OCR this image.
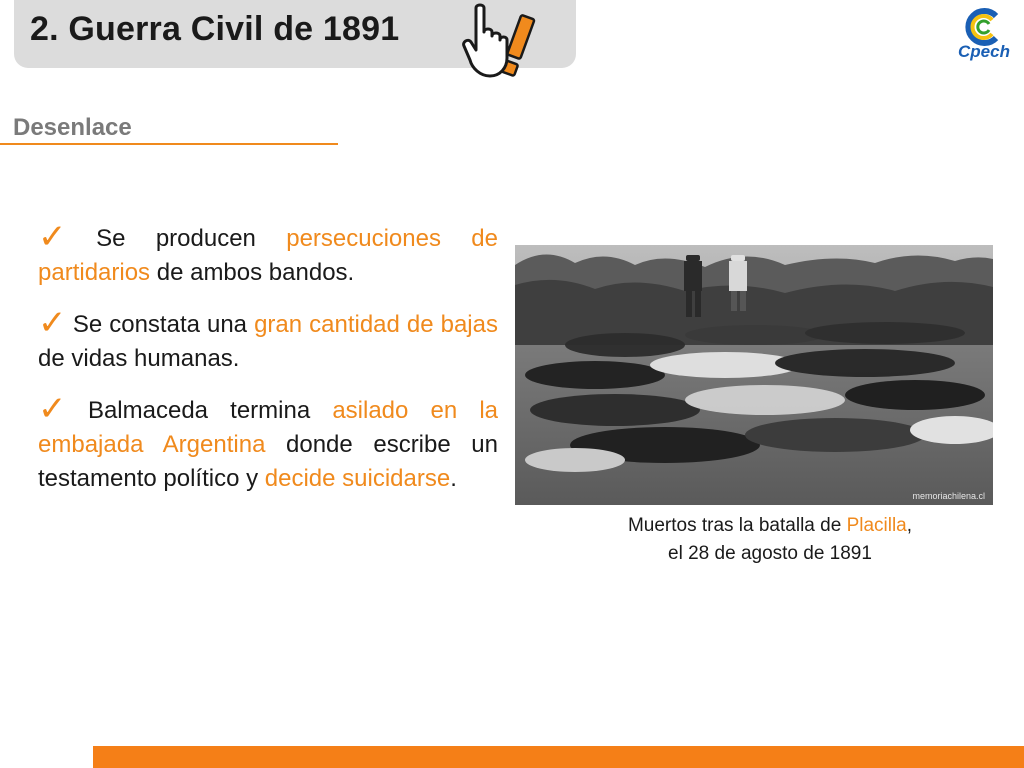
2. Guerra Civil de 1891
Cpech
Desenlace
✓ Se producen persecuciones de partidarios de ambos bandos.
✓ Se constata una gran cantidad de bajas de vidas humanas.
✓ Balmaceda termina asilado en la embajada Argentina donde escribe un testamento político y decide suicidarse.
memoriachilena.cl
Muertos tras la batalla de Placilla,
el 28 de agosto de 1891
